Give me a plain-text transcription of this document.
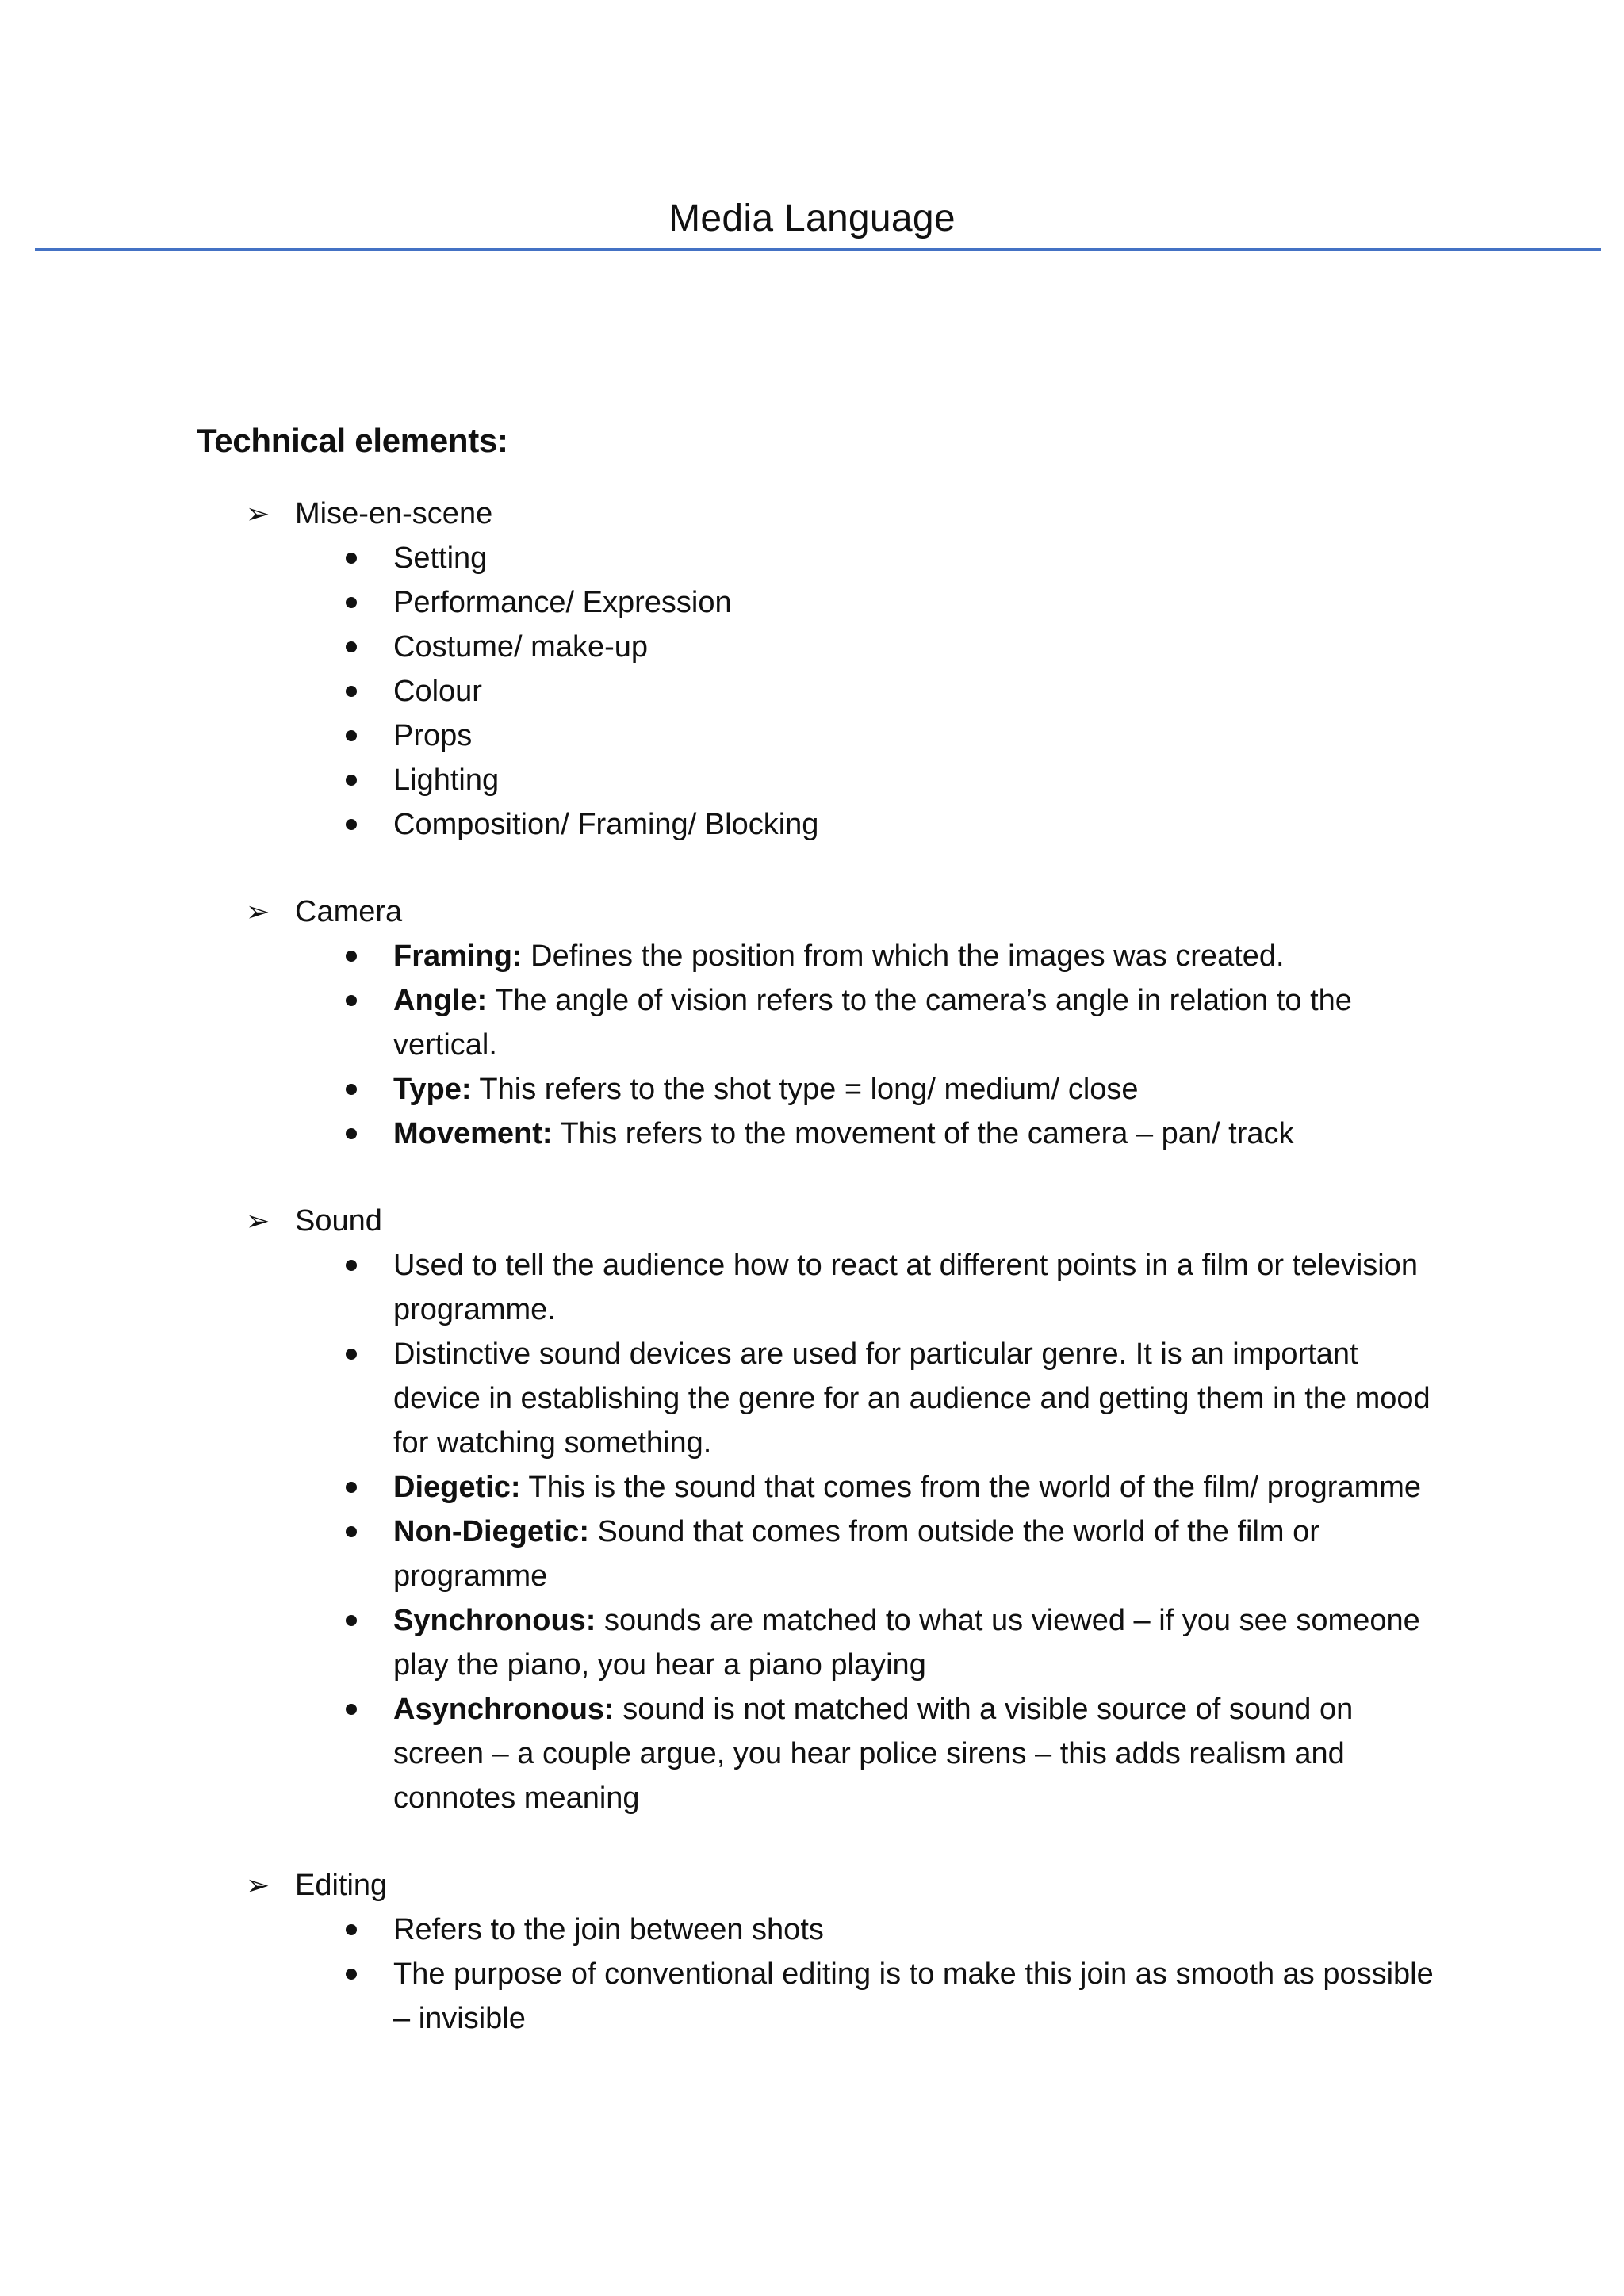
Media Language
Technical elements:
➢ Mise-en-scene
Setting
Performance/ Expression
Costume/ make-up
Colour
Props
Lighting
Composition/ Framing/ Blocking
➢ Camera
Framing: Defines the position from which the images was created.
Angle: The angle of vision refers to the camera’s angle in relation to the vertical.
Type: This refers to the shot type = long/ medium/ close
Movement: This refers to the movement of the camera – pan/ track
➢ Sound
Used to tell the audience how to react at different points in a film or television programme.
Distinctive sound devices are used for particular genre. It is an important device in establishing the genre for an audience and getting them in the mood for watching something.
Diegetic: This is the sound that comes from the world of the film/ programme
Non-Diegetic: Sound that comes from outside the world of the film or programme
Synchronous: sounds are matched to what us viewed – if you see someone play the piano, you hear a piano playing
Asynchronous: sound is not matched with a visible source of sound on screen – a couple argue, you hear police sirens – this adds realism and connotes meaning
➢ Editing
Refers to the join between shots
The purpose of conventional editing is to make this join as smooth as possible – invisible
